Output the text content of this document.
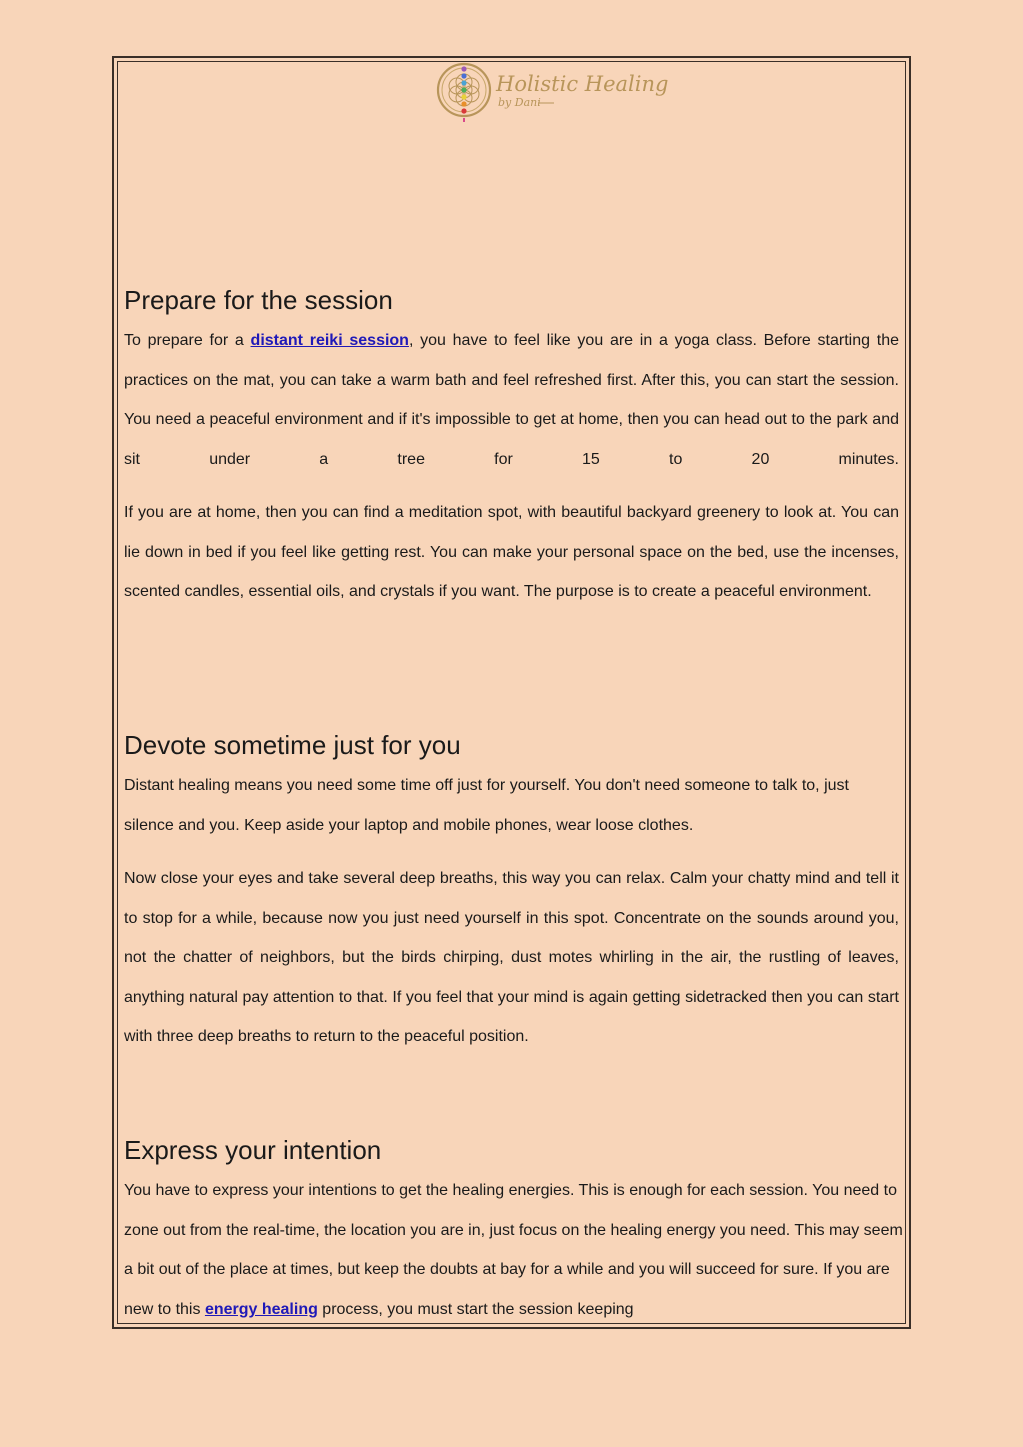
Holistic Healing
by Dani
Prepare for the session

To prepare for a distant reiki session, you have to feel like you are in a yoga class. Before starting the practices on the mat, you can take a warm bath and feel refreshed first. After this, you can start the session. You need a peaceful environment and if it's impossible to get at home, then you can head out to the park and sit under a tree for 15 to 20 minutes.

If you are at home, then you can find a meditation spot, with beautiful backyard greenery to look at. You can lie down in bed if you feel like getting rest. You can make your personal space on the bed, use the incenses, scented candles, essential oils, and crystals if you want. The purpose is to create a peaceful environment.

Devote sometime just for you

Distant healing means you need some time off just for yourself. You don't need someone to talk to, just silence and you. Keep aside your laptop and mobile phones, wear loose clothes.

Now close your eyes and take several deep breaths, this way you can relax. Calm your chatty mind and tell it to stop for a while, because now you just need yourself in this spot. Concentrate on the sounds around you, not the chatter of neighbors, but the birds chirping, dust motes whirling in the air, the rustling of leaves, anything natural pay attention to that. If you feel that your mind is again getting sidetracked then you can start with three deep breaths to return to the peaceful position.

Express your intention

You have to express your intentions to get the healing energies. This is enough for each session. You need to zone out from the real-time, the location you are in, just focus on the healing energy you need. This may seem a bit out of the place at times, but keep the doubts at bay for a while and you will succeed for sure. If you are new to this energy healing process, you must start the session keeping
